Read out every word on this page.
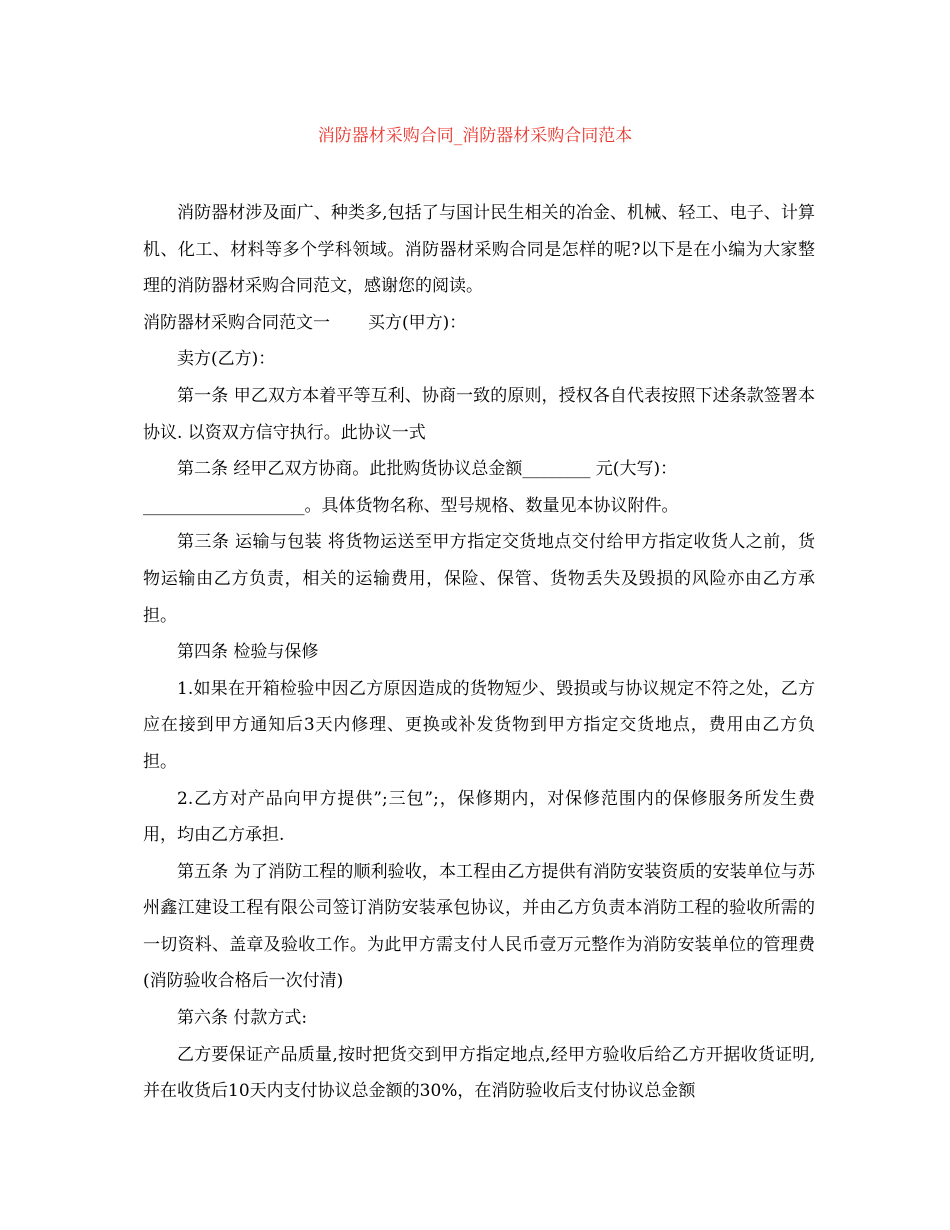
消防器材采购合同_消防器材采购合同范本

消防器材涉及面广、种类多,包括了与国计民生相关的冶金、机械、轻工、电子、计算机、化工、材料等多个学科领域。消防器材采购合同是怎样的呢?以下是在小编为大家整理的消防器材采购合同范文，感谢您的阅读。

消防器材采购合同范文一 买方(甲方)：

卖方(乙方)：

第一条 甲乙双方本着平等互利、协商一致的原则，授权各自代表按照下述条款签署本协议. 以资双方信守执行。此协议一式

第二条 经甲乙双方协商。此批购货协议总金额________ 元(大写)：

___________________。具体货物名称、型号规格、数量见本协议附件。

第三条 运输与包装 将货物运送至甲方指定交货地点交付给甲方指定收货人之前，货物运输由乙方负责，相关的运输费用，保险、保管、货物丢失及毁损的风险亦由乙方承担。

第四条 检验与保修

1.如果在开箱检验中因乙方原因造成的货物短少、毁损或与协议规定不符之处，乙方应在接到甲方通知后3天内修理、更换或补发货物到甲方指定交货地点，费用由乙方负担。

2.乙方对产品向甲方提供”;三包”;，保修期内，对保修范围内的保修服务所发生费用，均由乙方承担.

第五条 为了消防工程的顺利验收，本工程由乙方提供有消防安装资质的安装单位与苏州鑫江建设工程有限公司签订消防安装承包协议，并由乙方负责本消防工程的验收所需的一切资料、盖章及验收工作。为此甲方需支付人民币壹万元整作为消防安装单位的管理费(消防验收合格后一次付清)

第六条 付款方式:

乙方要保证产品质量,按时把货交到甲方指定地点,经甲方验收后给乙方开据收货证明,并在收货后10天内支付协议总金额的30%，在消防验收后支付协议总金额
